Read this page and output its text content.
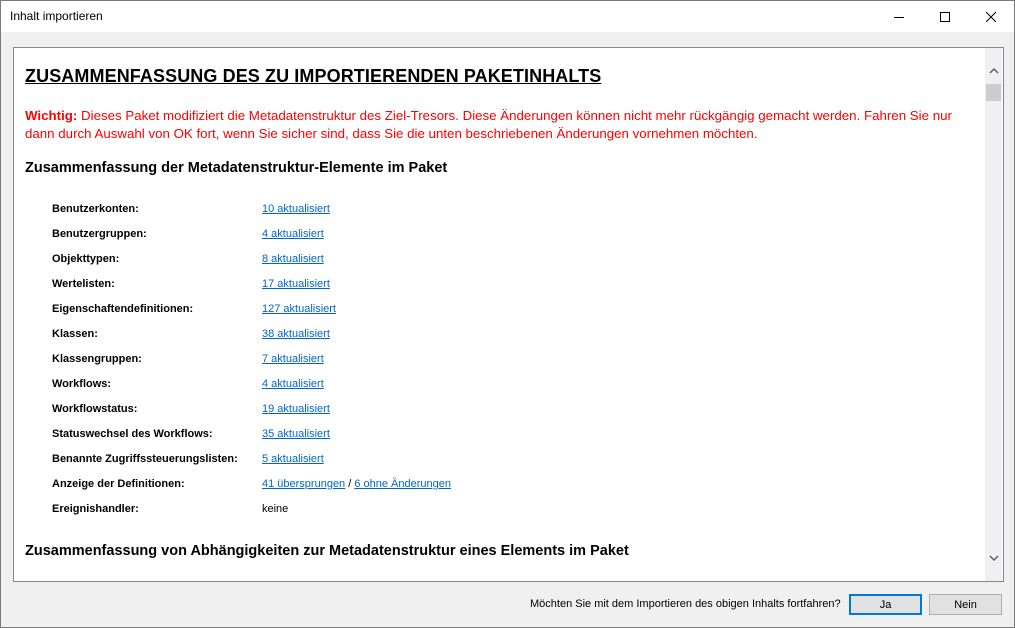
Inhalt importieren
ZUSAMMENFASSUNG DES ZU IMPORTIERENDEN PAKETINHALTS
Wichtig: Dieses Paket modifiziert die Metadatenstruktur des Ziel-Tresors. Diese Änderungen können nicht mehr rückgängig gemacht werden. Fahren Sie nur dann durch Auswahl von OK fort, wenn Sie sicher sind, dass Sie die unten beschriebenen Änderungen vornehmen möchten.
Zusammenfassung der Metadatenstruktur-Elemente im Paket
Benutzerkonten:	10 aktualisiert
Benutzergruppen:	4 aktualisiert
Objekttypen:	8 aktualisiert
Wertelisten:	17 aktualisiert
Eigenschaftendefinitionen:	127 aktualisiert
Klassen:	38 aktualisiert
Klassengruppen:	7 aktualisiert
Workflows:	4 aktualisiert
Workflowstatus:	19 aktualisiert
Statuswechsel des Workflows:	35 aktualisiert
Benannte Zugriffssteuerungslisten: 5 aktualisiert
Anzeige der Definitionen:	41 übersprungen / 6 ohne Änderungen
Ereignishandler:	keine
Zusammenfassung von Abhängigkeiten zur Metadatenstruktur eines Elements im Paket
Möchten Sie mit dem Importieren des obigen Inhalts fortfahren?	Ja	Nein
